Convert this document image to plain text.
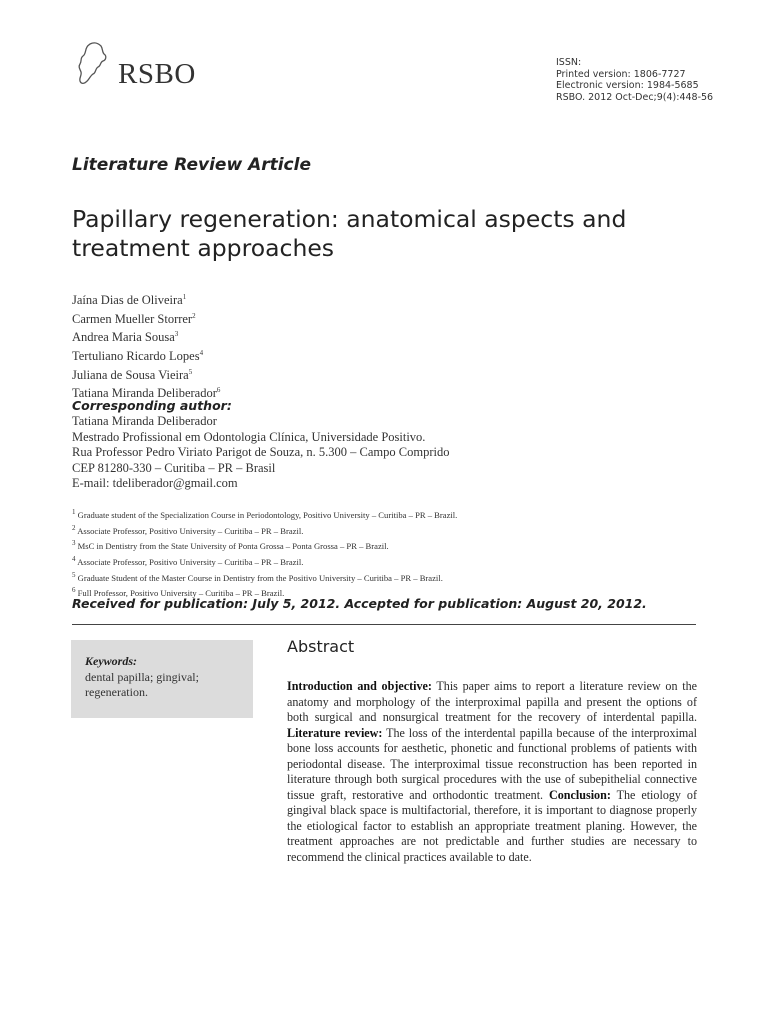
RSBO	ISSN:
Printed version: 1806-7727
Electronic version: 1984-5685
RSBO. 2012 Oct-Dec;9(4):448-56
Literature Review Article
Papillary regeneration: anatomical aspects and treatment approaches
Jaína Dias de Oliveira$^1$
Carmen Mueller Storrer$^2$
Andrea Maria Sousa$^3$
Tertuliano Ricardo Lopes$^4$
Juliana de Sousa Vieira$^5$
Tatiana Miranda Deliberador$^6$
Corresponding author:
Tatiana Miranda Deliberador
Mestrado Profissional em Odontologia Clínica, Universidade Positivo.
Rua Professor Pedro Viriato Parigot de Souza, n. 5.300 – Campo Comprido
CEP 81280-330 – Curitiba – PR – Brasil
E-mail: tdeliberador@gmail.com
$^1$ Graduate student of the Specialization Course in Periodontology, Positivo University – Curitiba – PR – Brazil.
$^2$ Associate Professor, Positivo University – Curitiba – PR – Brazil.
$^3$ MsC in Dentistry from the State University of Ponta Grossa – Ponta Grossa – PR – Brazil.
$^4$ Associate Professor, Positivo University – Curitiba – PR – Brazil.
$^5$ Graduate Student of the Master Course in Dentistry from the Positivo University – Curitiba – PR – Brazil.
$^6$ Full Professor, Positivo University – Curitiba – PR – Brazil.
Received for publication: July 5, 2012. Accepted for publication: August 20, 2012.
Keywords:
dental papilla; gingival; regeneration.
Abstract
Introduction and objective: This paper aims to report a literature review on the anatomy and morphology of the interproximal papilla and present the options of both surgical and nonsurgical treatment for the recovery of interdental papilla. Literature review: The loss of the interdental papilla because of the interproximal bone loss accounts for aesthetic, phonetic and functional problems of patients with periodontal disease. The interproximal tissue reconstruction has been reported in literature through both surgical procedures with the use of subepithelial connective tissue graft, restorative and orthodontic treatment. Conclusion: The etiology of gingival black space is multifactorial, therefore, it is important to diagnose properly the etiological factor to establish an appropriate treatment planing. However, the treatment approaches are not predictable and further studies are necessary to recommend the clinical practices available to date.
